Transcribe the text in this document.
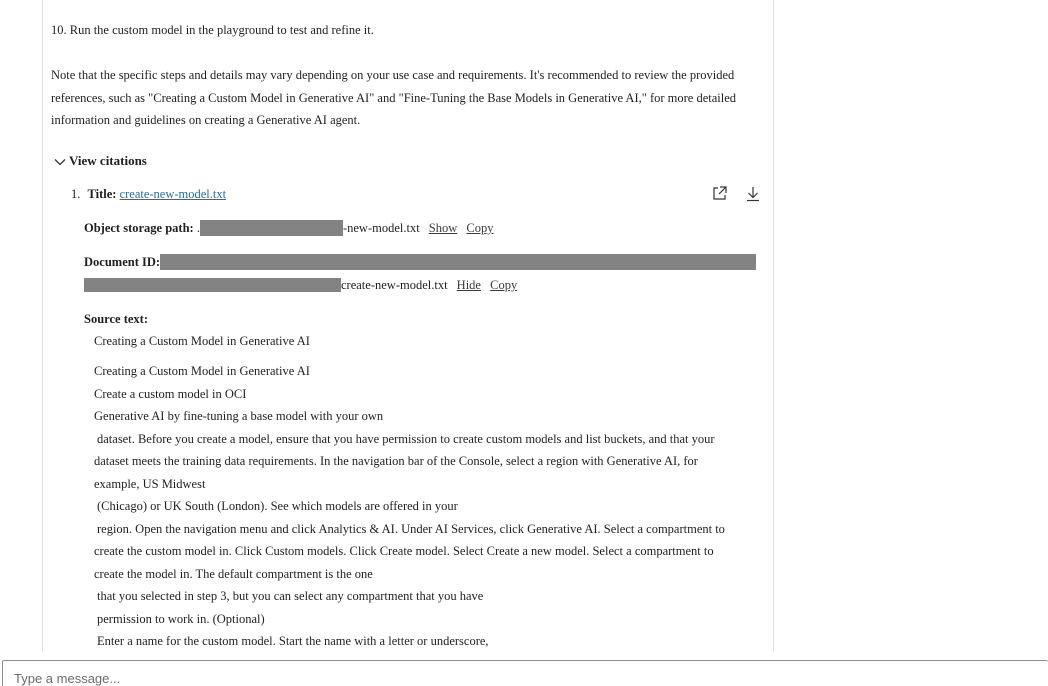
10. Run the custom model in the playground to test and refine it.

Note that the specific steps and details may vary depending on your use case and requirements. It's recommended to review the provided references, such as "Creating a Custom Model in Generative AI" and "Fine-Tuning the Base Models in Generative AI," for more detailed information and guidelines on creating a Generative AI agent.

View citations
1. Title: create-new-model.txt
Object storage path: .	-new-model.txt Show Copy
Document ID:
create-new-model.txt Hide Copy
Source text:
Creating a Custom Model in Generative AI
Creating a Custom Model in Generative AI
Create a custom model in OCI
Generative AI by fine-tuning a base model with your own
dataset. Before you create a model, ensure that you have permission to create custom models and list buckets, and that your
dataset meets the training data requirements. In the navigation bar of the Console, select a region with Generative AI, for
example, US Midwest
(Chicago) or UK South (London). See which models are offered in your
region. Open the navigation menu and click Analytics & AI. Under AI Services, click Generative AI. Select a compartment to
create the custom model in. Click Custom models. Click Create model. Select Create a new model. Select a compartment to
create the model in. The default compartment is the one
that you selected in step 3, but you can select any compartment that you have
permission to work in. (Optional)
Enter a name for the custom model. Start the name with a letter or underscore,
Type a message...
